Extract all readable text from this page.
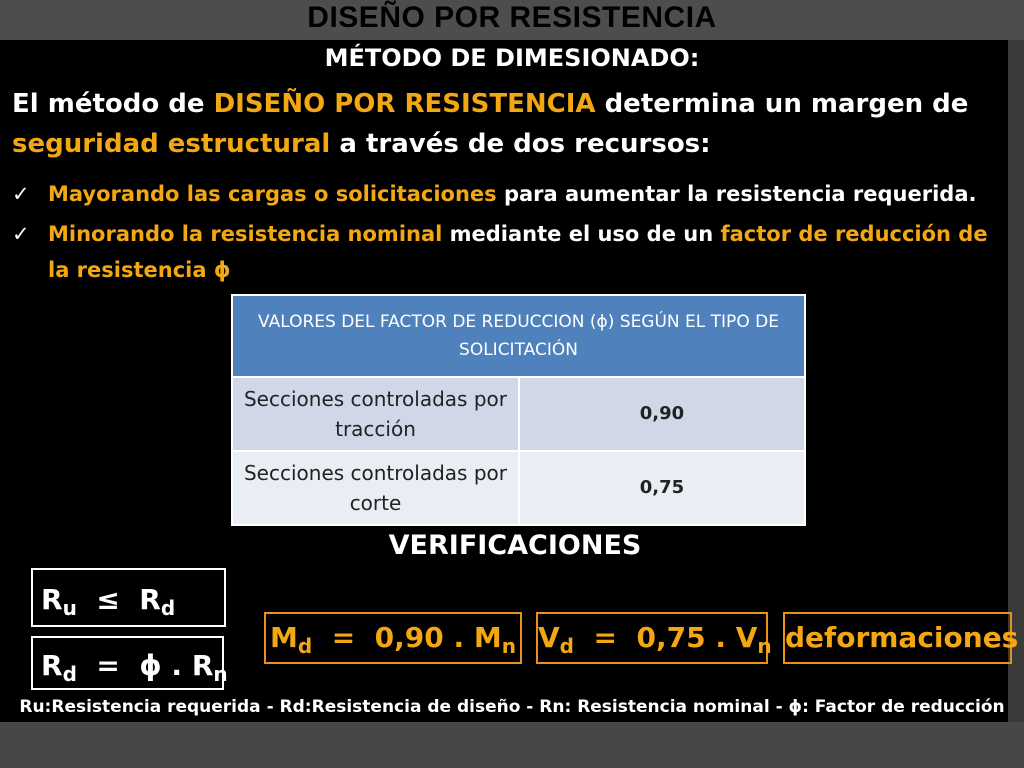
DISEÑO POR RESISTENCIA
MÉTODO DE DIMESIONADO:
El método de DISEÑO POR RESISTENCIA determina un margen de seguridad estructural a través de dos recursos:
✓ Mayorando las cargas o solicitaciones para aumentar la resistencia requerida.
✓ Minorando la resistencia nominal mediante el uso de un factor de reducción de la resistencia ϕ
VALORES DEL FACTOR DE REDUCCION (ϕ) SEGÚN EL TIPO DE SOLICITACIÓN	
Secciones controladas por tracción	0,90
Secciones controladas por corte	0,75
VERIFICACIONES
$R_u \le R_d$
$R_d = \phi$ . $R_n$
$M_d = 0,90$ . $M_n$ $V_d = 0,75$ . $V_n$ deformaciones
Ru:Resistencia requerida - Rd:Resistencia de diseño - Rn: Resistencia nominal - ϕ: Factor de reducción
